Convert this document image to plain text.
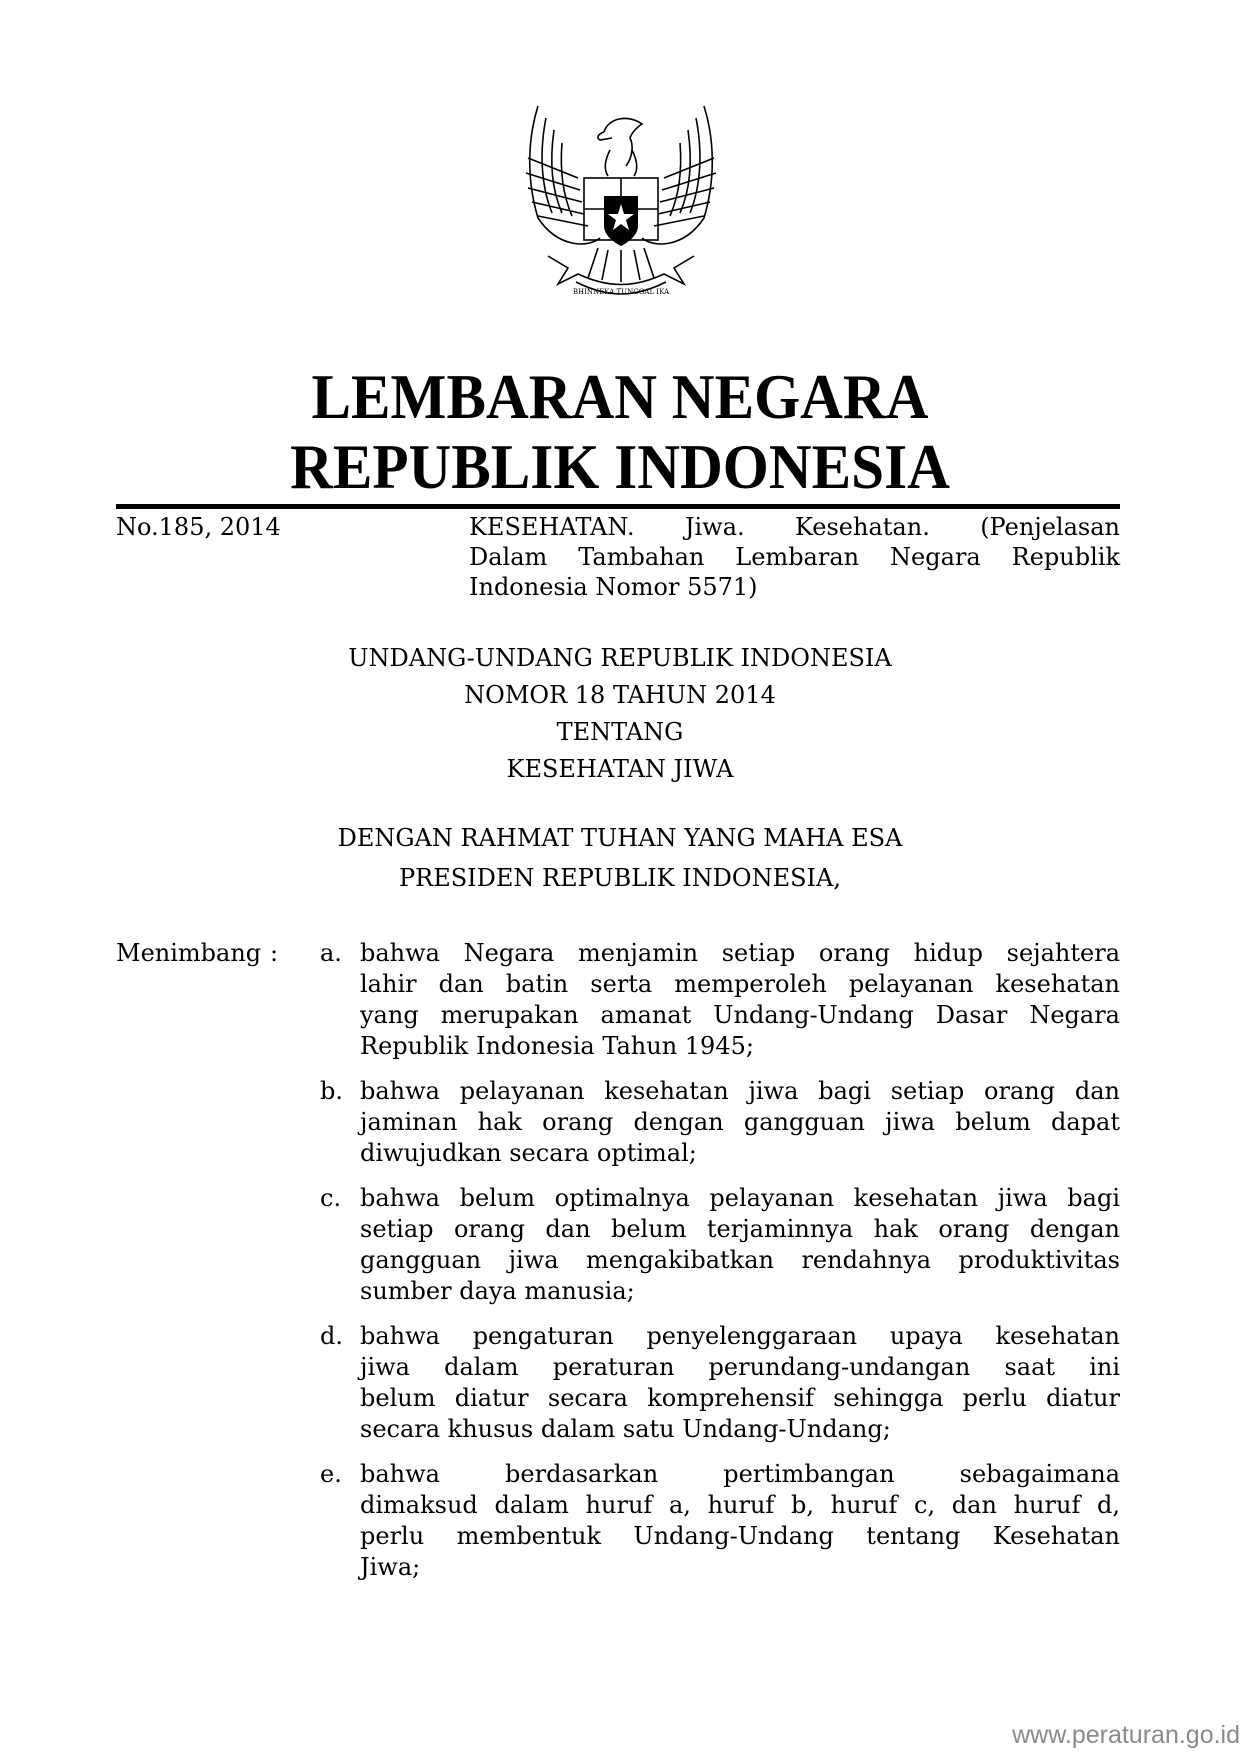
BHINNEKA TUNGGAL IKA
LEMBARAN NEGARA
REPUBLIK INDONESIA
No.185, 2014	KESEHATAN. Jiwa. Kesehatan. (Penjelasan
Dalam Tambahan Lembaran Negara Republik
Indonesia Nomor 5571)
UNDANG-UNDANG REPUBLIK INDONESIA
NOMOR 18 TAHUN 2014
TENTANG
KESEHATAN JIWA
DENGAN RAHMAT TUHAN YANG MAHA ESA
PRESIDEN REPUBLIK INDONESIA,
Menimbang : a. bahwa Negara menjamin setiap orang hidup sejahtera
lahir dan batin serta memperoleh pelayanan kesehatan
yang merupakan amanat Undang-Undang Dasar Negara
Republik Indonesia Tahun 1945;
b. bahwa pelayanan kesehatan jiwa bagi setiap orang dan
jaminan hak orang dengan gangguan jiwa belum dapat
diwujudkan secara optimal;
c. bahwa belum optimalnya pelayanan kesehatan jiwa bagi
setiap orang dan belum terjaminnya hak orang dengan
gangguan jiwa mengakibatkan rendahnya produktivitas
sumber daya manusia;
d. bahwa pengaturan penyelenggaraan upaya kesehatan
jiwa dalam peraturan perundang-undangan saat ini
belum diatur secara komprehensif sehingga perlu diatur
secara khusus dalam satu Undang-Undang;
e. bahwa berdasarkan pertimbangan sebagaimana
dimaksud dalam huruf a, huruf b, huruf c, dan huruf d,
perlu membentuk Undang-Undang tentang Kesehatan
Jiwa;
www.peraturan.go.id
